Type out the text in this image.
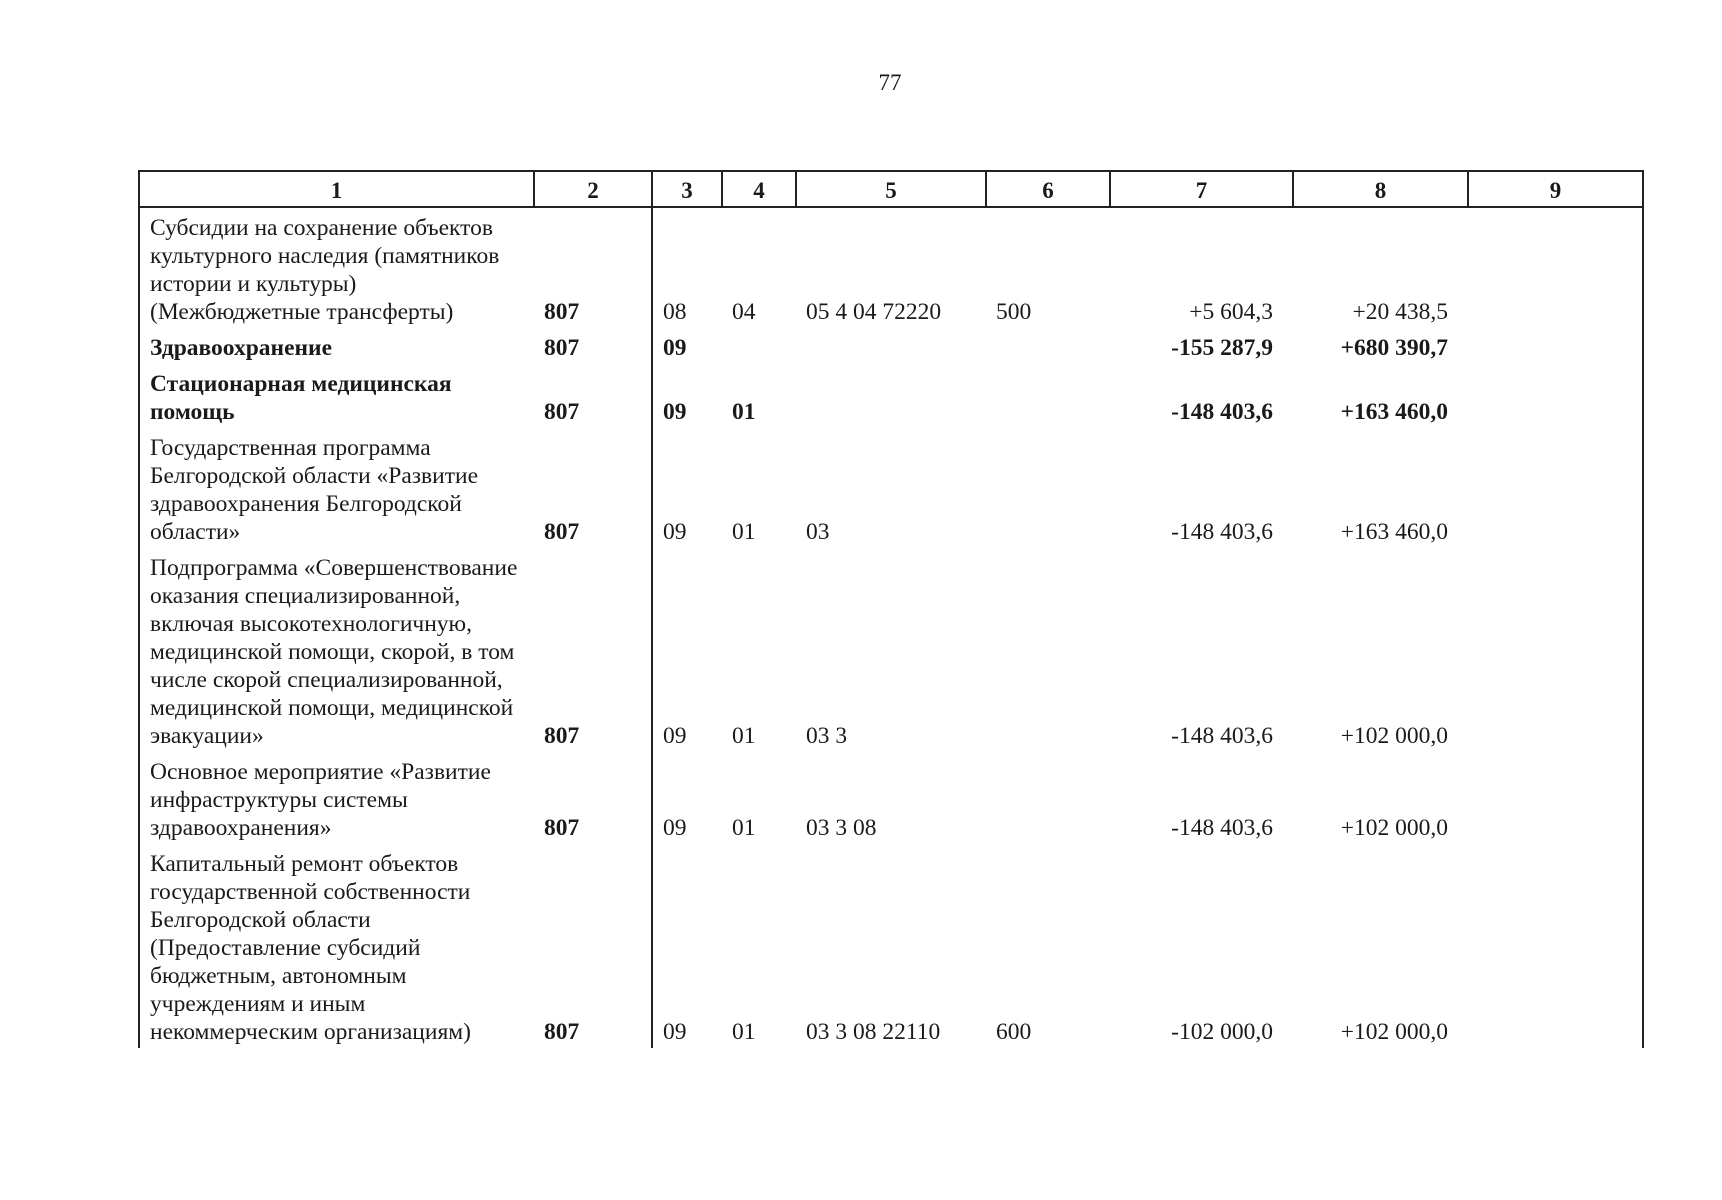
77
1	2	3	4	5	6	7	8	9
Субсидии на сохранение объектов культурного наследия (памятников истории и культуры) (Межбюджетные трансферты)	807	08	04	05 4 04 72220	500	+5 604,3	+20 438,5	
Здравоохранение	807	09				-155 287,9	+680 390,7	
Стационарная медицинская помощь	807	09	01			-148 403,6	+163 460,0	
Государственная программа Белгородской области «Развитие здравоохранения Белгородской области»	807	09	01	03		-148 403,6	+163 460,0	
Подпрограмма «Совершенствование оказания специализированной, включая высокотехнологичную, медицинской помощи, скорой, в том числе скорой специализированной, медицинской помощи, медицинской эвакуации»	807	09	01	03 3		-148 403,6	+102 000,0	
Основное мероприятие «Развитие инфраструктуры системы здравоохранения»	807	09	01	03 3 08		-148 403,6	+102 000,0	
Капитальный ремонт объектов государственной собственности Белгородской области (Предоставление субсидий бюджетным, автономным учреждениям и иным некоммерческим организациям)	807	09	01	03 3 08 22110	600	-102 000,0	+102 000,0	
